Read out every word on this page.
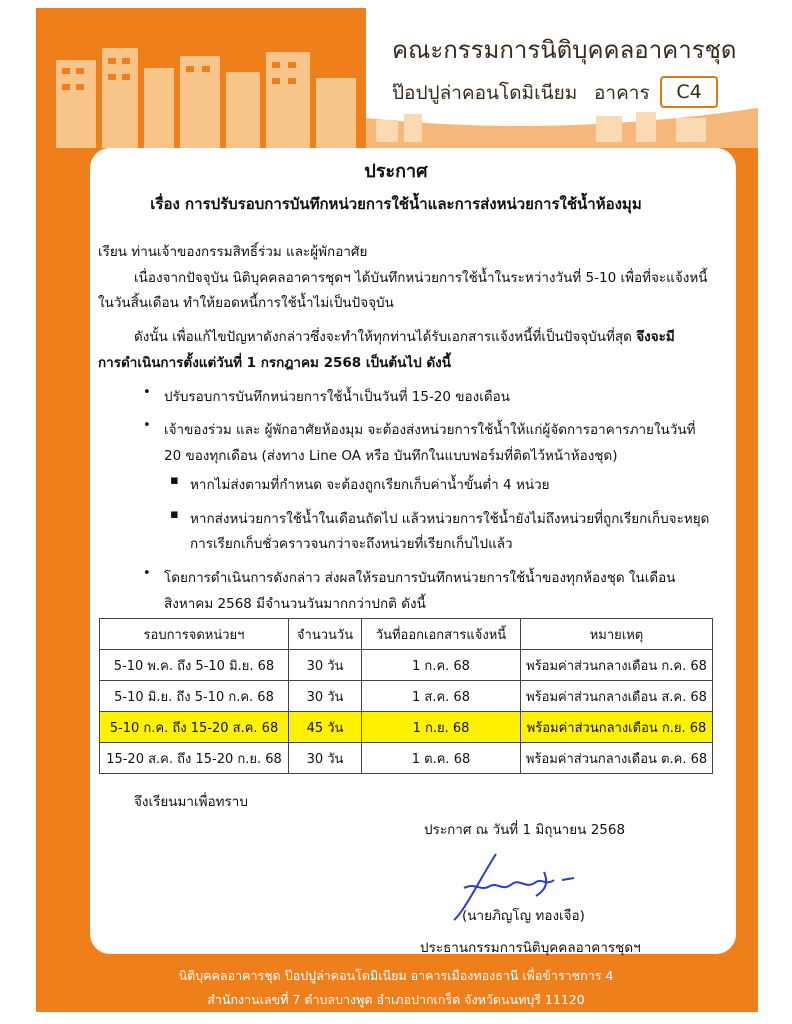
คณะกรรมการนิติบุคคลอาคารชุด
ป๊อปปูล่าคอนโดมิเนียม อาคาร	C4
ประกาศ
เรื่อง การปรับรอบการบันทึกหน่วยการใช้น้ำและการส่งหน่วยการใช้น้ำห้องมุม
เรียน ท่านเจ้าของกรรมสิทธิ์ร่วม และผู้พักอาศัย
เนื่องจากปัจจุบัน นิติบุคคลอาคารชุดฯ ได้บันทึกหน่วยการใช้น้ำในระหว่างวันที่ 5-10 เพื่อที่จะแจ้งหนี้
ในวันสิ้นเดือน ทำให้ยอดหนี้การใช้น้ำไม่เป็นปัจจุบัน
ดังนั้น เพื่อแก้ไขปัญหาดังกล่าวซึ่งจะทำให้ทุกท่านได้รับเอกสารแจ้งหนี้ที่เป็นปัจจุบันที่สุด จึงจะมี
การดำเนินการตั้งแต่วันที่ 1 กรกฎาคม 2568 เป็นต้นไป ดังนี้
• ปรับรอบการบันทึกหน่วยการใช้น้ำเป็นวันที่ 15-20 ของเดือน
• เจ้าของร่วม และ ผู้พักอาศัยห้องมุม จะต้องส่งหน่วยการใช้น้ำให้แก่ผู้จัดการอาคารภายในวันที่
20 ของทุกเดือน (ส่งทาง Line OA หรือ บันทึกในแบบฟอร์มที่ติดไว้หน้าห้องชุด)
▪ หากไม่ส่งตามที่กำหนด จะต้องถูกเรียกเก็บค่าน้ำขั้นต่ำ 4 หน่วย
▪ หากส่งหน่วยการใช้น้ำในเดือนถัดไป แล้วหน่วยการใช้น้ำยังไม่ถึงหน่วยที่ถูกเรียกเก็บจะหยุด
การเรียกเก็บชั่วคราวจนกว่าจะถึงหน่วยที่เรียกเก็บไปแล้ว
• โดยการดำเนินการดังกล่าว ส่งผลให้รอบการบันทึกหน่วยการใช้น้ำของทุกห้องชุด ในเดือน
สิงหาคม 2568 มีจำนวนวันมากกว่าปกติ ดังนี้
รอบการจดหน่วยฯ	จำนวนวัน	วันที่ออกเอกสารแจ้งหนี้	หมายเหตุ
5-10 พ.ค. ถึง 5-10 มิ.ย. 68	30 วัน	1 ก.ค. 68	พร้อมค่าส่วนกลางเดือน ก.ค. 68
5-10 มิ.ย. ถึง 5-10 ก.ค. 68	30 วัน	1 ส.ค. 68	พร้อมค่าส่วนกลางเดือน ส.ค. 68
5-10 ก.ค. ถึง 15-20 ส.ค. 68	45 วัน	1 ก.ย. 68	พร้อมค่าส่วนกลางเดือน ก.ย. 68
15-20 ส.ค. ถึง 15-20 ก.ย. 68	30 วัน	1 ต.ค. 68	พร้อมค่าส่วนกลางเดือน ต.ค. 68
จึงเรียนมาเพื่อทราบ
ประกาศ ณ วันที่ 1 มิถุนายน 2568
(นายภิญโญ ทองเจือ)
ประธานกรรมการนิติบุคคลอาคารชุดฯ
นิติบุคคลอาคารชุด ป๊อปปูล่าคอนโดมิเนียม อาคารเมืองทองธานี เพื่อข้าราชการ 4
สำนักงานเลขที่ 7 ตำบลบางพูด อำเภอปากเกร็ด จังหวัดนนทบุรี 11120
